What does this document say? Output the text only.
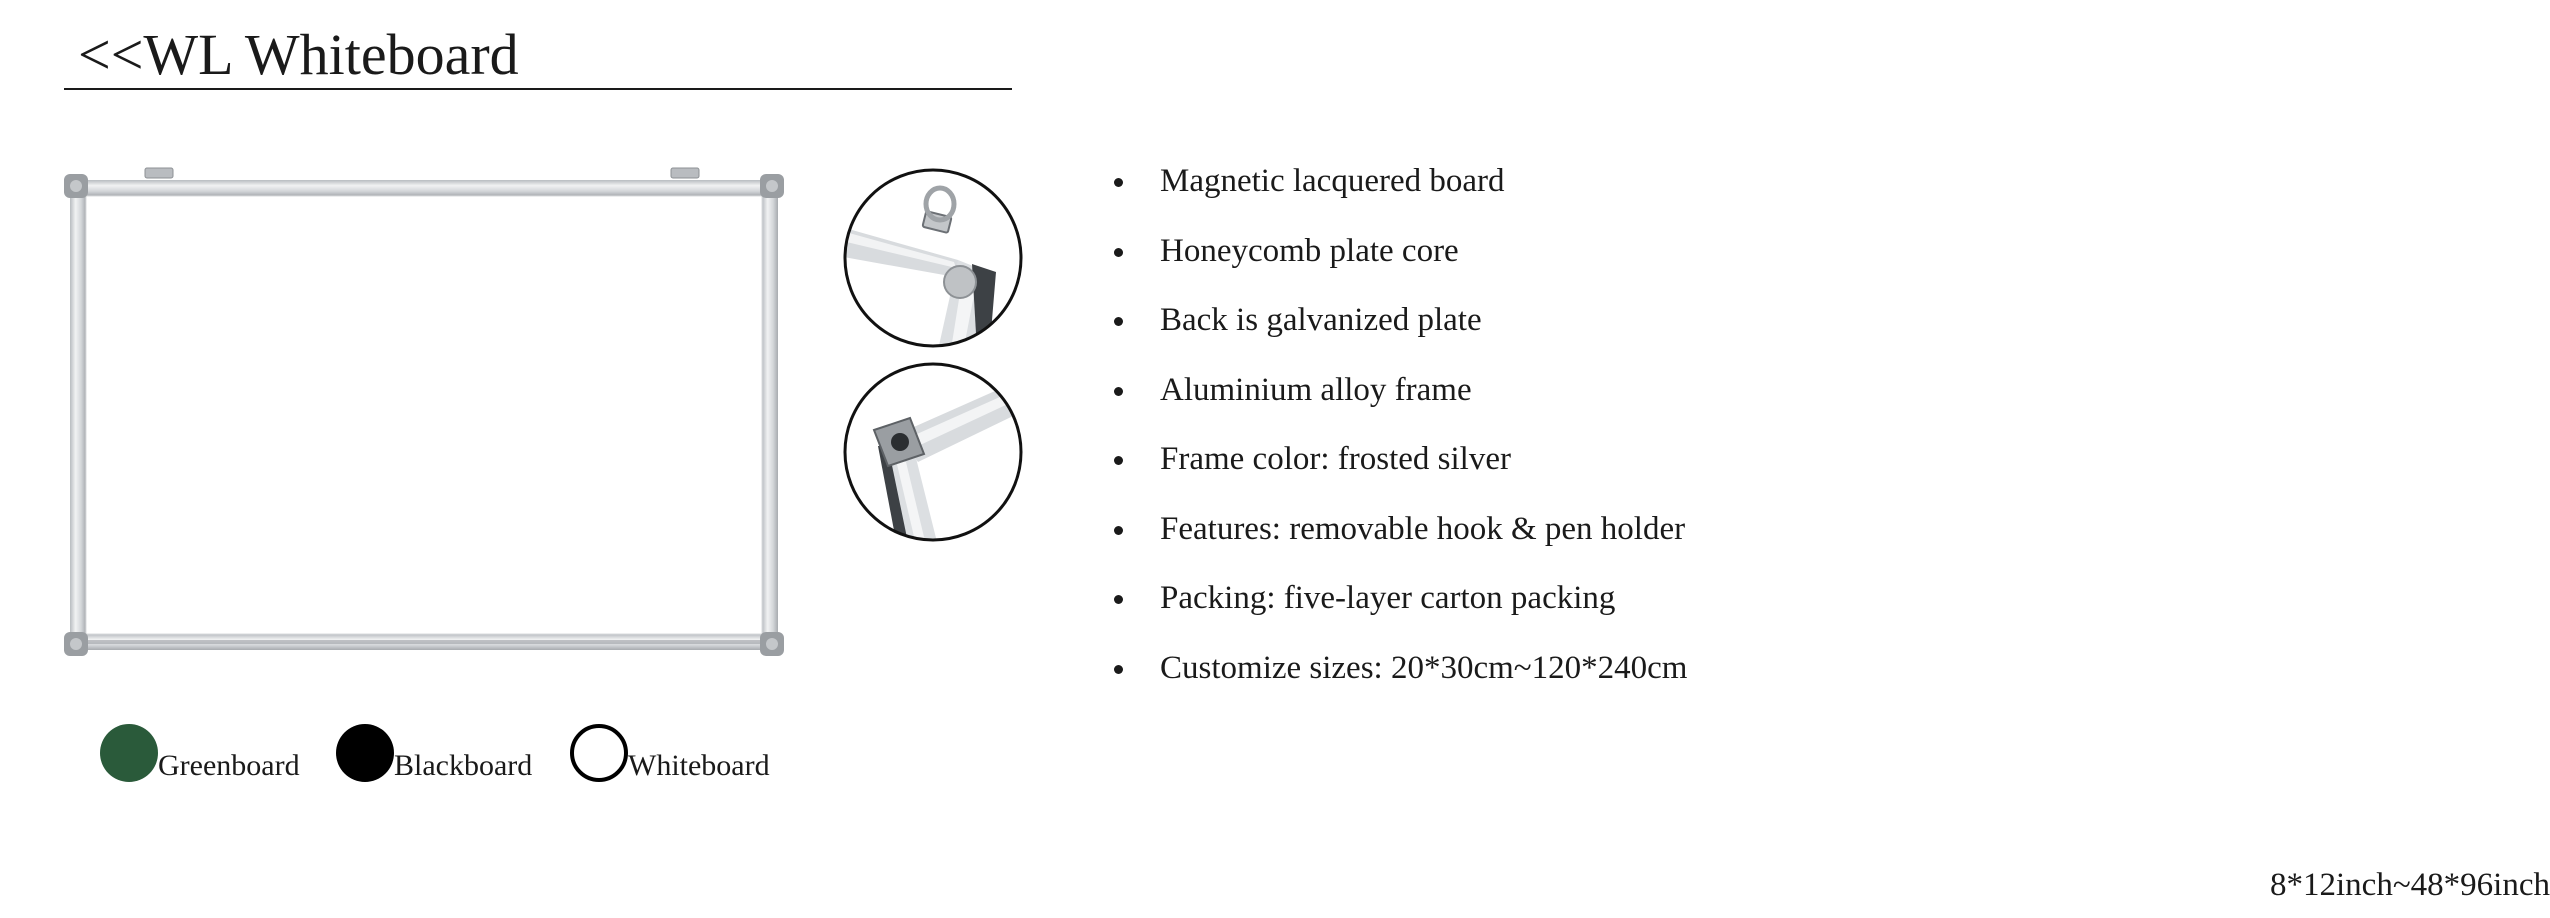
<<WL Whiteboard
Magnetic lacquered board
Honeycomb plate core
Back is galvanized plate
Aluminium alloy frame
Frame color: frosted silver
Features: removable hook & pen holder
Packing: five-layer carton packing
Customize sizes: 20*30cm~120*240cm
8*12inch~48*96inch
Greenboard	Blackboard	Whiteboard
